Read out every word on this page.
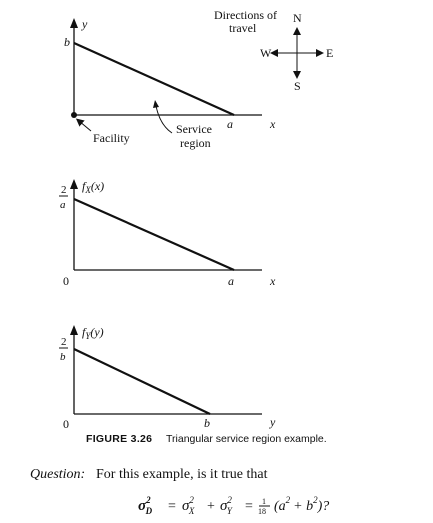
y
b
a	x
Facility
Service
region
Directions of
travel
N
S
W	E
$f_X(x)$
2
a
0	a	x
$f_Y(y)$
2
b
0	b	y
FIGURE 3.26 Triangular service region example.
Question: For this example, is it true that
$\sigma^2$ $D = \sigma^2$ $X + \sigma^2$ Y = 1
18 $(a^2 + b^2)$?
